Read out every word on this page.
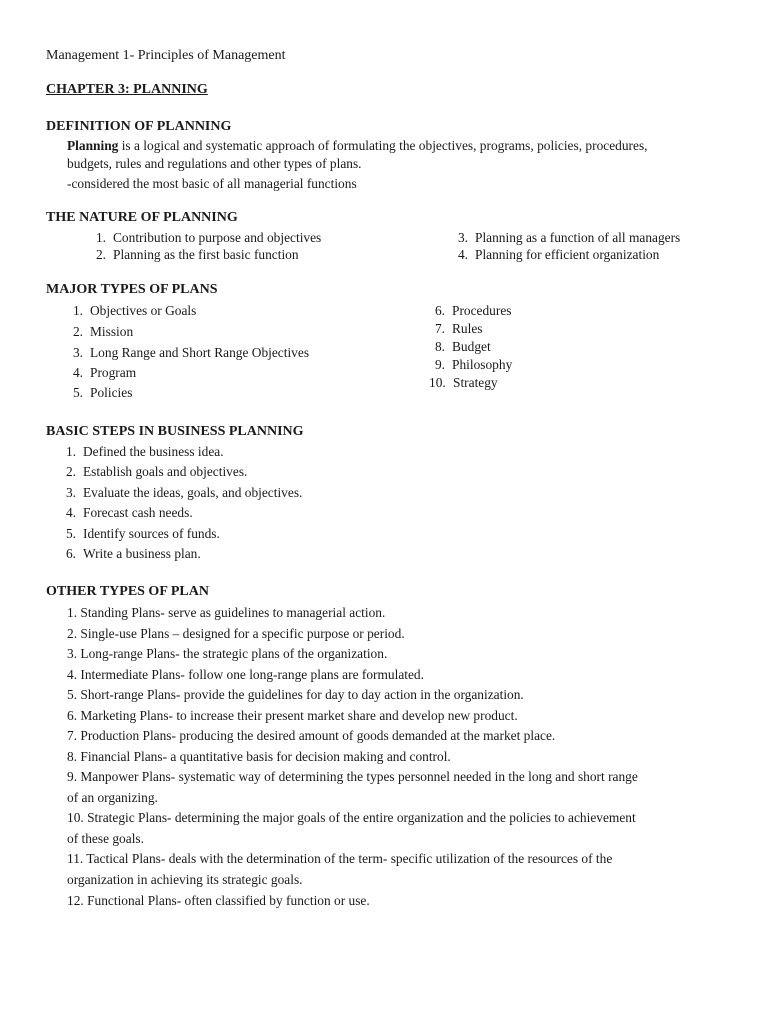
Management 1- Principles of Management
CHAPTER 3: PLANNING
DEFINITION OF PLANNING
Planning is a logical and systematic approach of formulating the objectives, programs, policies, procedures,
budgets, rules and regulations and other types of plans.
-considered the most basic of all managerial functions
THE NATURE OF PLANNING
1. Contribution to purpose and objectives
2. Planning as the first basic function
3. Planning as a function of all managers
4. Planning for efficient organization
MAJOR TYPES OF PLANS
1. Objectives or Goals
2. Mission
3. Long Range and Short Range Objectives
4. Program
5. Policies
6. Procedures
7. Rules
8. Budget
9. Philosophy
10. Strategy
BASIC STEPS IN BUSINESS PLANNING
1. Defined the business idea.
2. Establish goals and objectives.
3. Evaluate the ideas, goals, and objectives.
4. Forecast cash needs.
5. Identify sources of funds.
6. Write a business plan.
OTHER TYPES OF PLAN
1. Standing Plans- serve as guidelines to managerial action.
2. Single-use Plans – designed for a specific purpose or period.
3. Long-range Plans- the strategic plans of the organization.
4. Intermediate Plans- follow one long-range plans are formulated.
5. Short-range Plans- provide the guidelines for day to day action in the organization.
6. Marketing Plans- to increase their present market share and develop new product.
7. Production Plans- producing the desired amount of goods demanded at the market place.
8. Financial Plans- a quantitative basis for decision making and control.
9. Manpower Plans- systematic way of determining the types personnel needed in the long and short range
of an organizing.
10. Strategic Plans- determining the major goals of the entire organization and the policies to achievement
of these goals.
11. Tactical Plans- deals with the determination of the term- specific utilization of the resources of the
organization in achieving its strategic goals.
12. Functional Plans- often classified by function or use.
